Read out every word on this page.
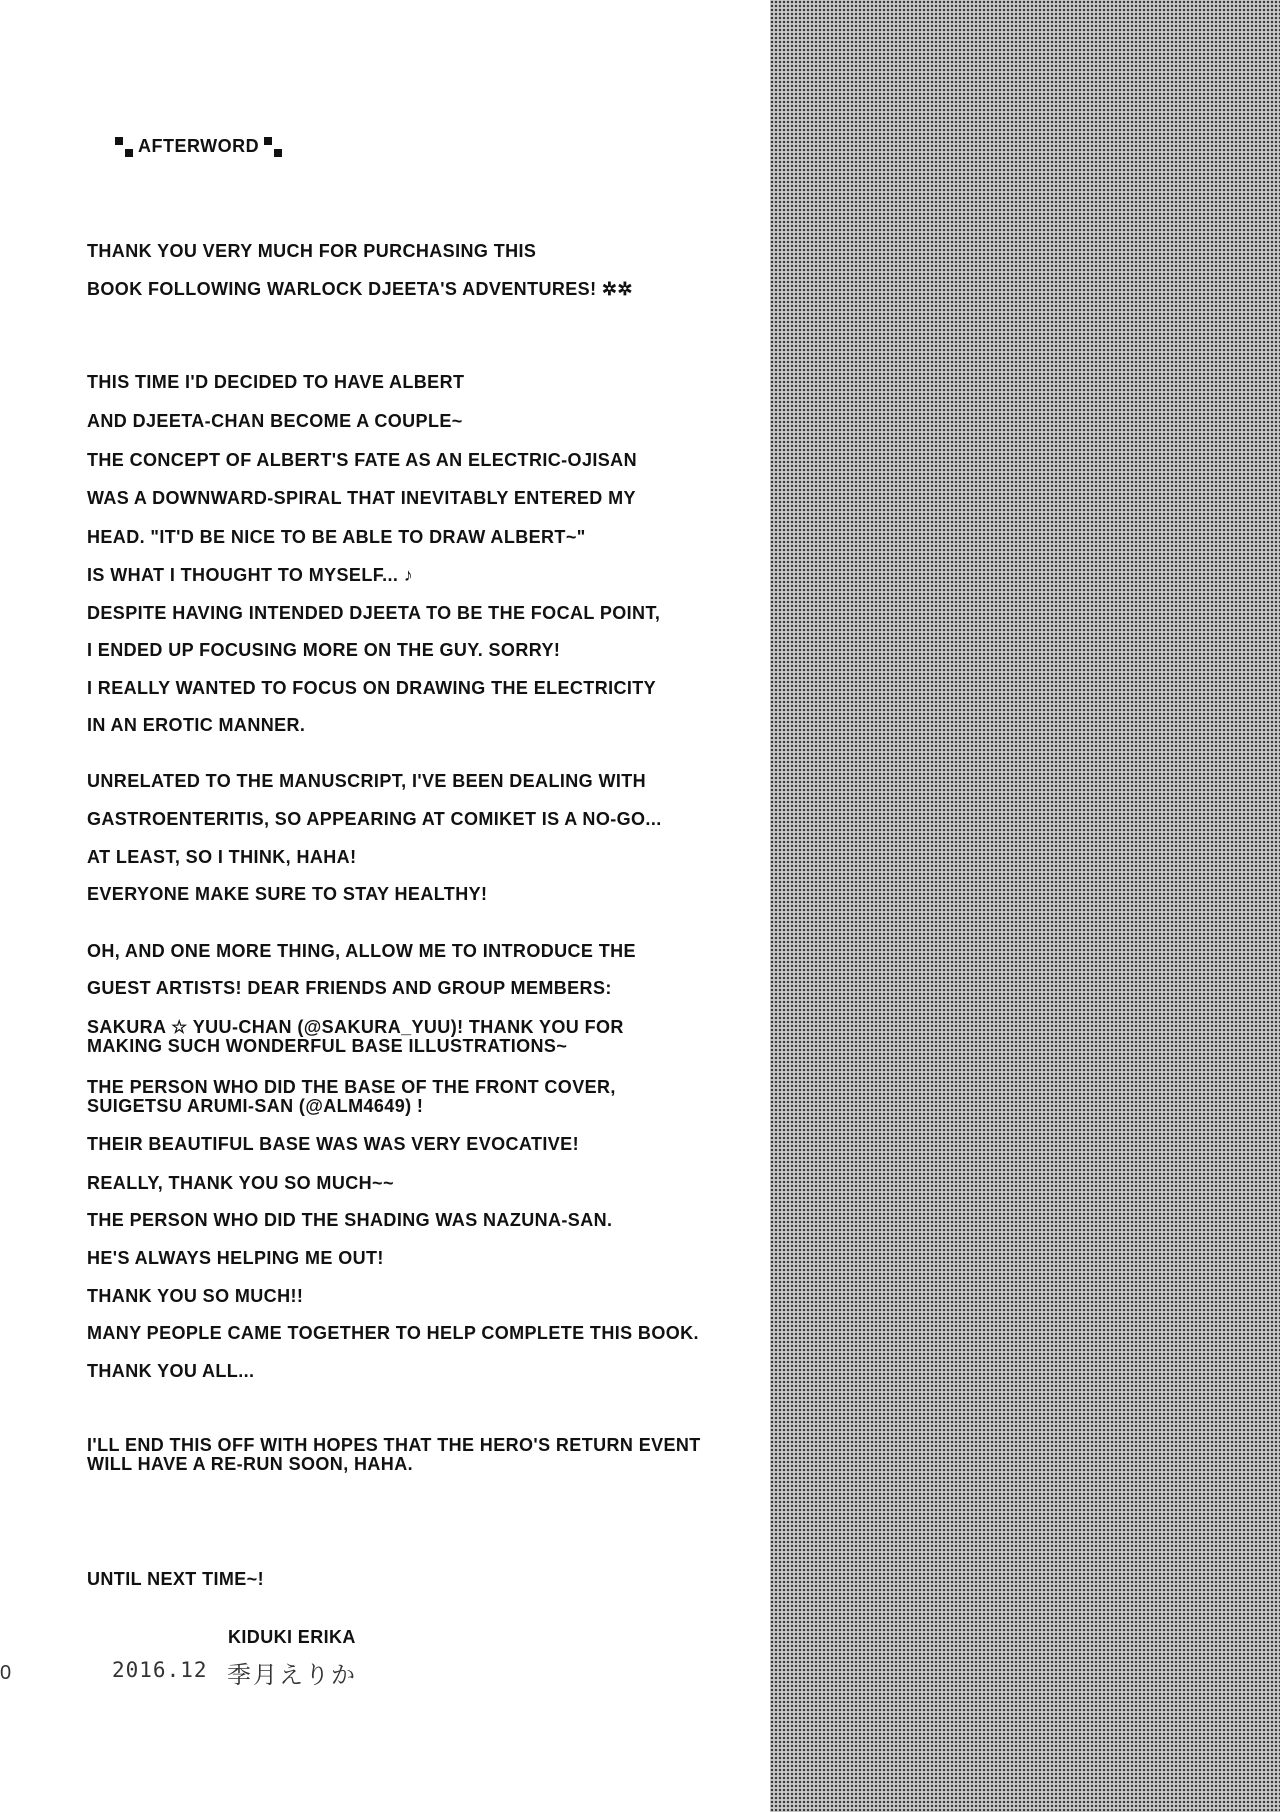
AFTERWORD
THANK YOU VERY MUCH FOR PURCHASING THIS
BOOK FOLLOWING WARLOCK DJEETA'S ADVENTURES! ✲✲
THIS TIME I'D DECIDED TO HAVE ALBERT
AND DJEETA-CHAN BECOME A COUPLE~
THE CONCEPT OF ALBERT'S FATE AS AN ELECTRIC-OJISAN
WAS A DOWNWARD-SPIRAL THAT INEVITABLY ENTERED MY
HEAD. "IT'D BE NICE TO BE ABLE TO DRAW ALBERT~"
IS WHAT I THOUGHT TO MYSELF... ♪
DESPITE HAVING INTENDED DJEETA TO BE THE FOCAL POINT,
I ENDED UP FOCUSING MORE ON THE GUY. SORRY!
I REALLY WANTED TO FOCUS ON DRAWING THE ELECTRICITY
IN AN EROTIC MANNER.
UNRELATED TO THE MANUSCRIPT, I'VE BEEN DEALING WITH
GASTROENTERITIS, SO APPEARING AT COMIKET IS A NO-GO...
AT LEAST, SO I THINK, HAHA!
EVERYONE MAKE SURE TO STAY HEALTHY!
OH, AND ONE MORE THING, ALLOW ME TO INTRODUCE THE
GUEST ARTISTS! DEAR FRIENDS AND GROUP MEMBERS:
SAKURA ☆ YUU-CHAN (@SAKURA_YUU)! THANK YOU FOR
MAKING SUCH WONDERFUL BASE ILLUSTRATIONS~
THE PERSON WHO DID THE BASE OF THE FRONT COVER,
SUIGETSU ARUMI-SAN (@ALM4649) !
THEIR BEAUTIFUL BASE WAS WAS VERY EVOCATIVE!
REALLY, THANK YOU SO MUCH~~
THE PERSON WHO DID THE SHADING WAS NAZUNA-SAN.
HE'S ALWAYS HELPING ME OUT!
THANK YOU SO MUCH!!
MANY PEOPLE CAME TOGETHER TO HELP COMPLETE THIS BOOK.
THANK YOU ALL...
I'LL END THIS OFF WITH HOPES THAT THE HERO'S RETURN EVENT
WILL HAVE A RE-RUN SOON, HAHA.
UNTIL NEXT TIME~!
KIDUKI ERIKA
2016.12 季月えりか
0
